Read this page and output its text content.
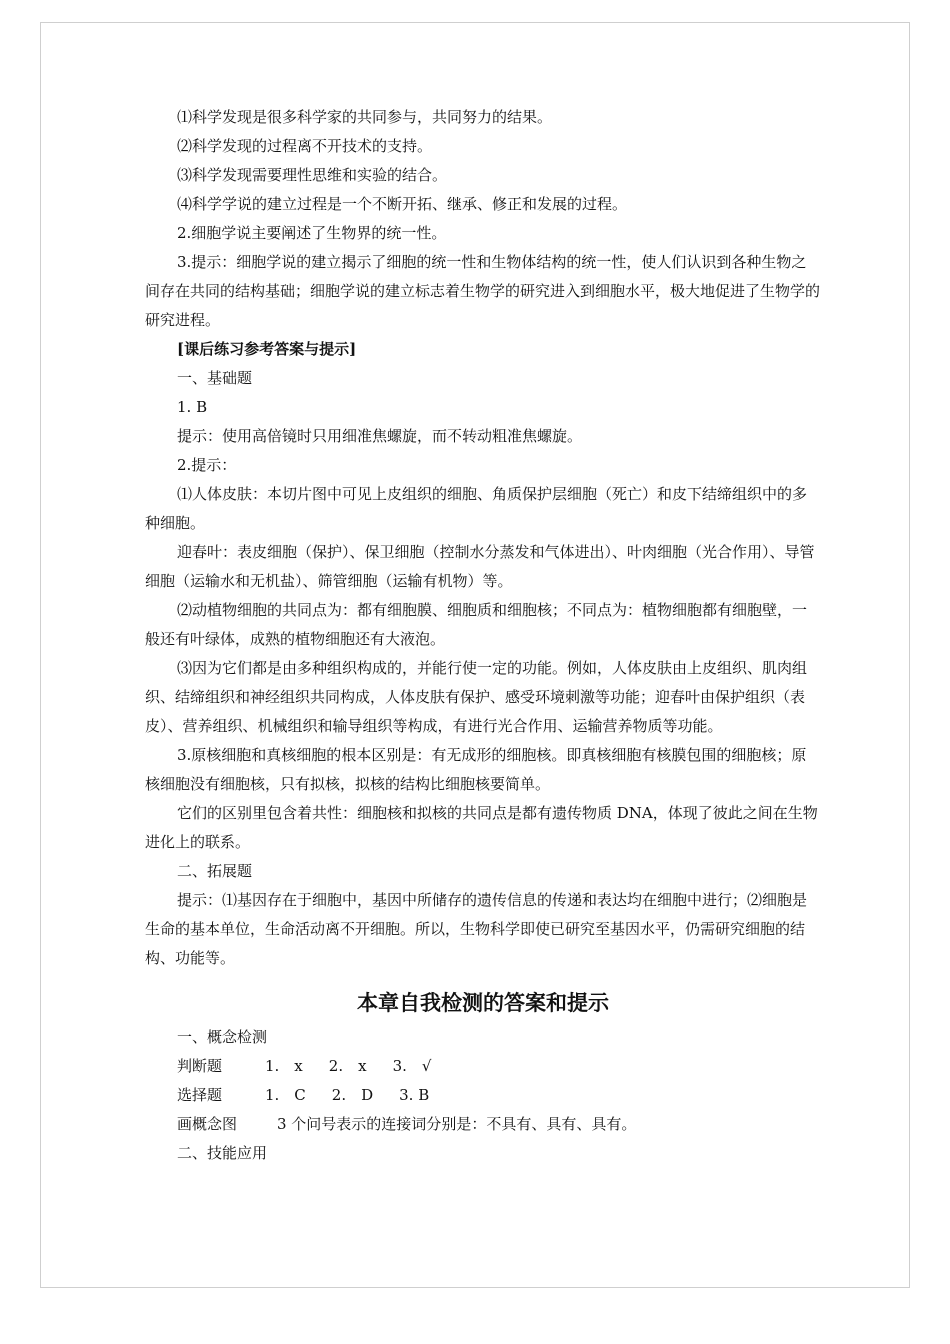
⑴科学发现是很多科学家的共同参与，共同努力的结果。

⑵科学发现的过程离不开技术的支持。

⑶科学发现需要理性思维和实验的结合。

⑷科学学说的建立过程是一个不断开拓、继承、修正和发展的过程。

2.细胞学说主要阐述了生物界的统一性。

3.提示：细胞学说的建立揭示了细胞的统一性和生物体结构的统一性，使人们认识到各种生物之间存在共同的结构基础；细胞学说的建立标志着生物学的研究进入到细胞水平，极大地促进了生物学的研究进程。

[课后练习参考答案与提示]

一、基础题

1. B

提示：使用高倍镜时只用细准焦螺旋，而不转动粗准焦螺旋。

2.提示：

⑴人体皮肤：本切片图中可见上皮组织的细胞、角质保护层细胞（死亡）和皮下结缔组织中的多种细胞。

迎春叶：表皮细胞（保护）、保卫细胞（控制水分蒸发和气体进出）、叶肉细胞（光合作用）、导管细胞（运输水和无机盐）、筛管细胞（运输有机物）等。

⑵动植物细胞的共同点为：都有细胞膜、细胞质和细胞核；不同点为：植物细胞都有细胞壁，一般还有叶绿体，成熟的植物细胞还有大液泡。

⑶因为它们都是由多种组织构成的，并能行使一定的功能。例如，人体皮肤由上皮组织、肌肉组织、结缔组织和神经组织共同构成，人体皮肤有保护、感受环境刺激等功能；迎春叶由保护组织（表皮）、营养组织、机械组织和输导组织等构成，有进行光合作用、运输营养物质等功能。

3.原核细胞和真核细胞的根本区别是：有无成形的细胞核。即真核细胞有核膜包围的细胞核；原核细胞没有细胞核，只有拟核，拟核的结构比细胞核要简单。

它们的区别里包含着共性：细胞核和拟核的共同点是都有遗传物质 DNA，体现了彼此之间在生物进化上的联系。

二、拓展题

提示：⑴基因存在于细胞中，基因中所储存的遗传信息的传递和表达均在细胞中进行；⑵细胞是生命的基本单位，生命活动离不开细胞。所以，生物科学即使已研究至基因水平，仍需研究细胞的结构、功能等。

本章自我检测的答案和提示

一、概念检测

判断题	1.　x 2.　x 3.　√
选择题	1.　C 2.　D 3. B
画概念图	3 个问号表示的连接词分别是：不具有、具有、具有。

二、技能应用
